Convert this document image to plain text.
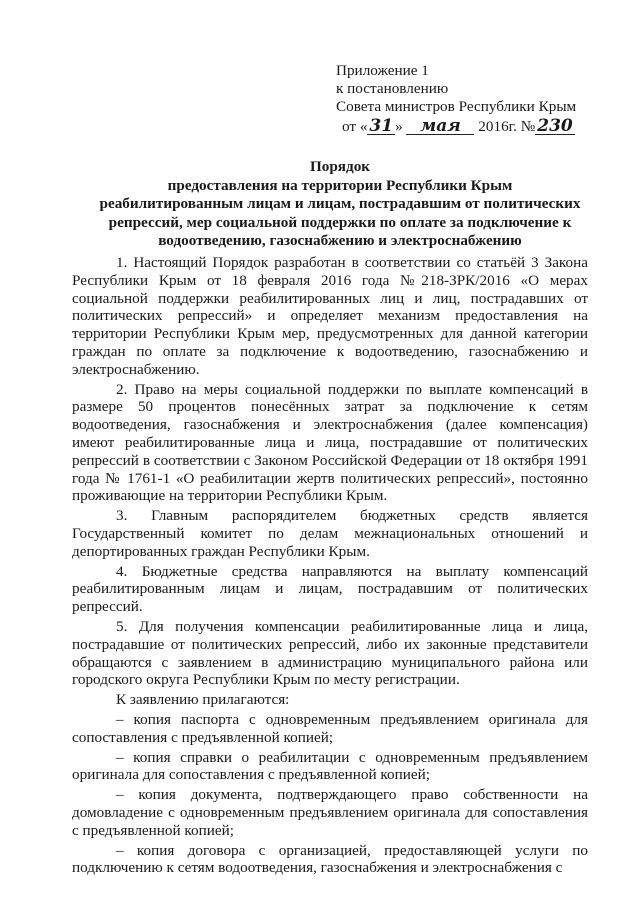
Приложение 1
к постановлению
Совета министров Республики Крым
от « 31 » мая 2016г. № 230
Порядок
предоставления на территории Республики Крым
реабилитированным лицам и лицам, пострадавшим от политических
репрессий, мер социальной поддержки по оплате за подключение к
водоотведению, газоснабжению и электроснабжению

1. Настоящий Порядок разработан в соответствии со статьёй 3 Закона Республики Крым от 18 февраля 2016 года №218-ЗРК/2016 «О мерах социальной поддержки реабилитированных лиц и лиц, пострадавших от политических репрессий» и определяет механизм предоставления на территории Республики Крым мер, предусмотренных для данной категории граждан по оплате за подключение к водоотведению, газоснабжению и электроснабжению.

2. Право на меры социальной поддержки по выплате компенсаций в размере 50 процентов понесённых затрат за подключение к сетям водоотведения, газоснабжения и электроснабжения (далее компенсация) имеют реабилитированные лица и лица, пострадавшие от политических репрессий в соответствии с Законом Российской Федерации от 18 октября 1991 года № 1761-1 «О реабилитации жертв политических репрессий», постоянно проживающие на территории Республики Крым.

3. Главным распорядителем бюджетных средств является Государственный комитет по делам межнациональных отношений и депортированных граждан Республики Крым.

4. Бюджетные средства направляются на выплату компенсаций реабилитированным лицам и лицам, пострадавшим от политических репрессий.

5. Для получения компенсации реабилитированные лица и лица, пострадавшие от политических репрессий, либо их законные представители обращаются с заявлением в администрацию муниципального района или городского округа Республики Крым по месту регистрации.

К заявлению прилагаются:

– копия паспорта с одновременным предъявлением оригинала для сопоставления с предъявленной копией;

– копия справки о реабилитации с одновременным предъявлением оригинала для сопоставления с предъявленной копией;

– копия документа, подтверждающего право собственности на домовладение с одновременным предъявлением оригинала для сопоставления с предъявленной копией;

– копия договора с организацией, предоставляющей услуги по подключению к сетям водоотведения, газоснабжения и электроснабжения с
